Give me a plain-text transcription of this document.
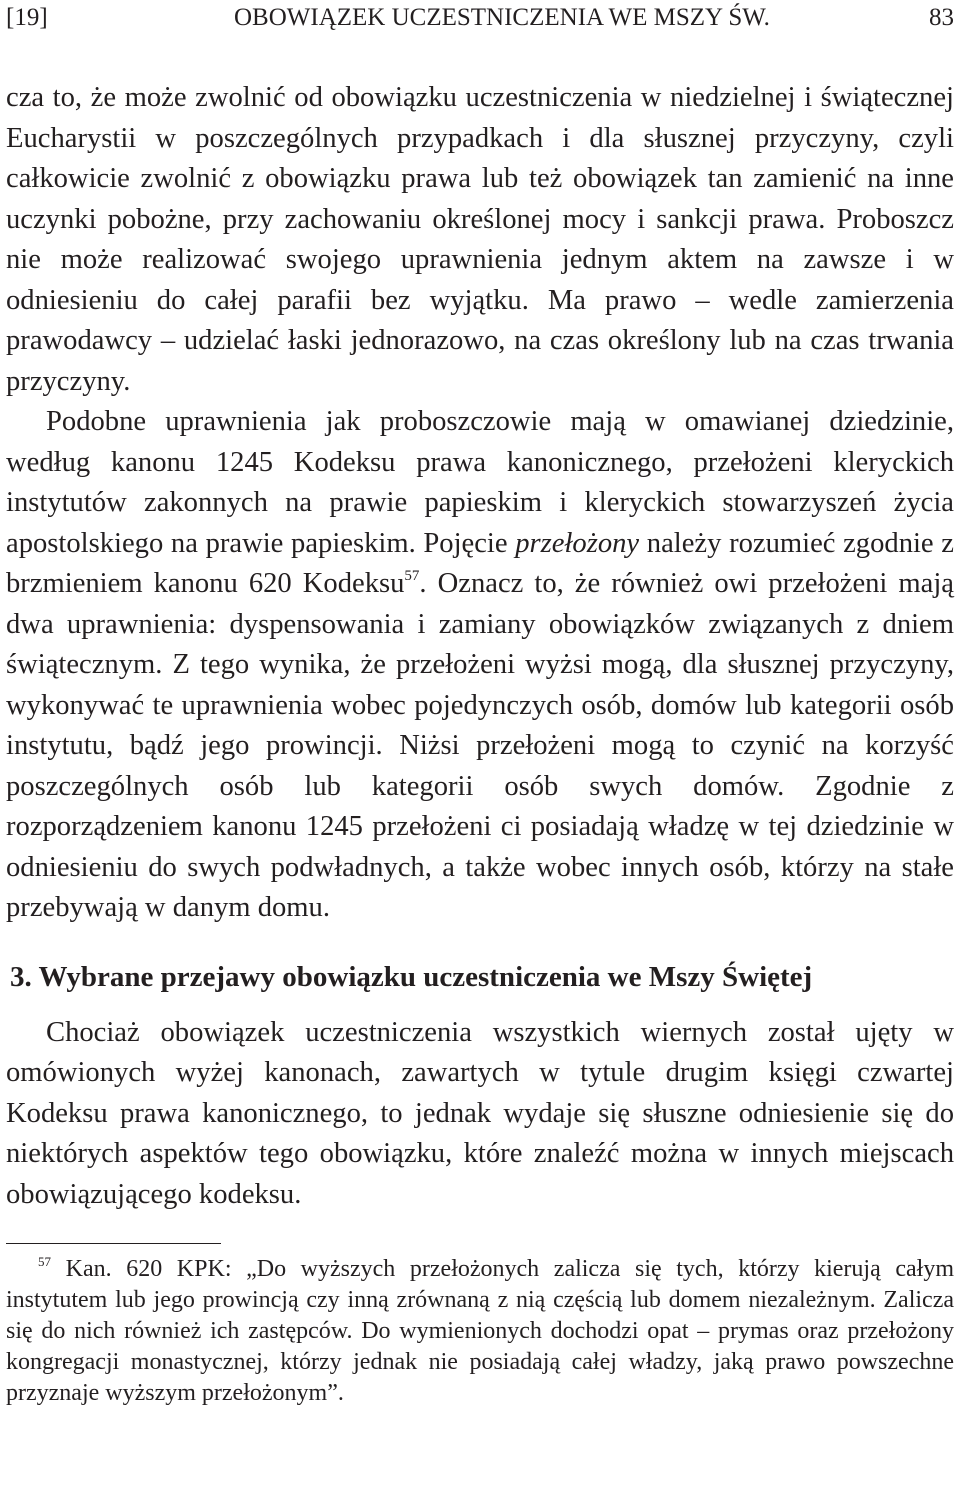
[19]	OBOWIĄZEK UCZESTNICZENIA WE MSZY ŚW.	83

cza to, że może zwolnić od obowiązku uczestniczenia w niedzielnej i świątecznej Eucharystii w poszczególnych przypadkach i dla słusznej przyczyny, czyli całkowicie zwolnić z obowiązku prawa lub też obowiązek tan zamienić na inne uczynki pobożne, przy zachowaniu określonej mocy i sankcji prawa. Proboszcz nie może realizować swojego uprawnienia jednym aktem na zawsze i w odniesieniu do całej parafii bez wyjątku. Ma prawo – wedle zamierzenia prawodawcy – udzielać łaski jednorazowo, na czas określony lub na czas trwania przyczyny.

Podobne uprawnienia jak proboszczowie mają w omawianej dziedzinie, według kanonu 1245 Kodeksu prawa kanonicznego, przełożeni kleryckich instytutów zakonnych na prawie papieskim i kleryckich stowarzyszeń życia apostolskiego na prawie papieskim. Pojęcie przełożony należy rozumieć zgodnie z brzmieniem kanonu 620 Kodeksu$^{57}$. Oznacz to, że również owi przełożeni mają dwa uprawnienia: dyspensowania i zamiany obowiązków związanych z dniem świątecznym. Z tego wynika, że przełożeni wyżsi mogą, dla słusznej przyczyny, wykonywać te uprawnienia wobec pojedynczych osób, domów lub kategorii osób instytutu, bądź jego prowincji. Niżsi przełożeni mogą to czynić na korzyść poszczególnych osób lub kategorii osób swych domów. Zgodnie z rozporządzeniem kanonu 1245 przełożeni ci posiadają władzę w tej dziedzinie w odniesieniu do swych podwładnych, a także wobec innych osób, którzy na stałe przebywają w danym domu.

3. Wybrane przejawy obowiązku uczestniczenia we Mszy Świętej

Chociaż obowiązek uczestniczenia wszystkich wiernych został ujęty w omówionych wyżej kanonach, zawartych w tytule drugim księgi czwartej Kodeksu prawa kanonicznego, to jednak wydaje się słuszne odniesienie się do niektórych aspektów tego obowiązku, które znaleźć można w innych miejscach obowiązującego kodeksu.

$^{57}$ Kan. 620 KPK: „Do wyższych przełożonych zalicza się tych, którzy kierują całym instytutem lub jego prowincją czy inną zrównaną z nią częścią lub domem niezależnym. Zalicza się do nich również ich zastępców. Do wymienionych dochodzi opat – prymas oraz przełożony kongregacji monastycznej, którzy jednak nie posiadają całej władzy, jaką prawo powszechne przyznaje wyższym przełożonym”.
